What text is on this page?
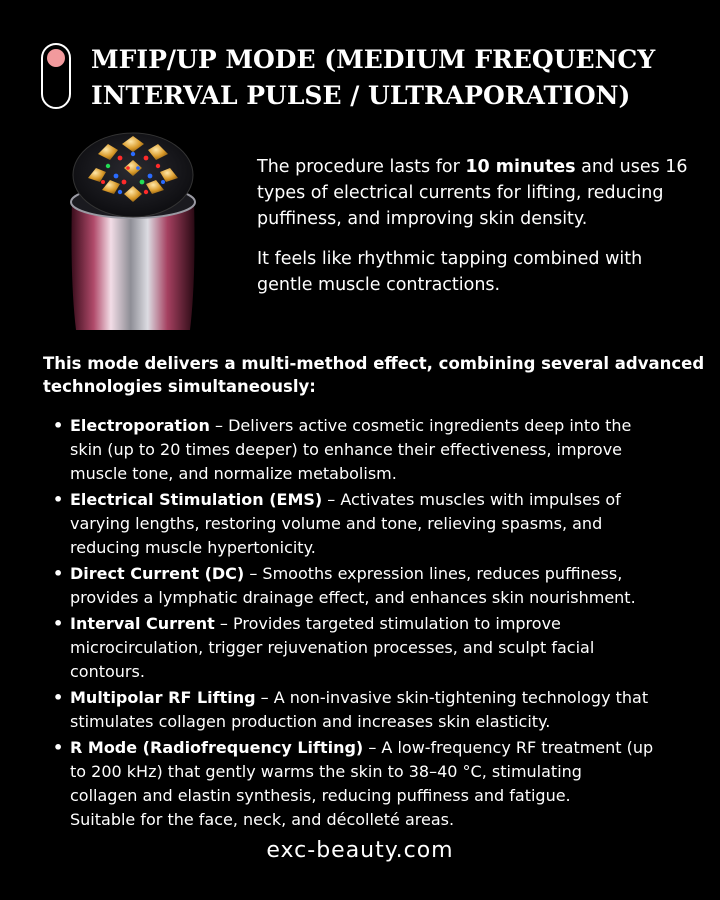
MFIP/UP MODE (MEDIUM FREQUENCY
INTERVAL PULSE / ULTRAPORATION)

The procedure lasts for 10 minutes and uses 16 types of electrical currents for lifting, reducing puffiness, and improving skin density.

It feels like rhythmic tapping combined with gentle muscle contractions.

This mode delivers a multi-method effect, combining several advanced
technologies simultaneously:
• Electroporation – Delivers active cosmetic ingredients deep into the
skin (up to 20 times deeper) to enhance their effectiveness, improve
muscle tone, and normalize metabolism.
• Electrical Stimulation (EMS) – Activates muscles with impulses of
varying lengths, restoring volume and tone, relieving spasms, and
reducing muscle hypertonicity.
• Direct Current (DC) – Smooths expression lines, reduces puffiness,
provides a lymphatic drainage effect, and enhances skin nourishment.
• Interval Current – Provides targeted stimulation to improve
microcirculation, trigger rejuvenation processes, and sculpt facial
contours.
• Multipolar RF Lifting – A non-invasive skin-tightening technology that
stimulates collagen production and increases skin elasticity.
• R Mode (Radiofrequency Lifting) – A low-frequency RF treatment (up
to 200 kHz) that gently warms the skin to 38–40 °C, stimulating
collagen and elastin synthesis, reducing puffiness and fatigue.
Suitable for the face, neck, and décolleté areas.
exc-beauty.com
